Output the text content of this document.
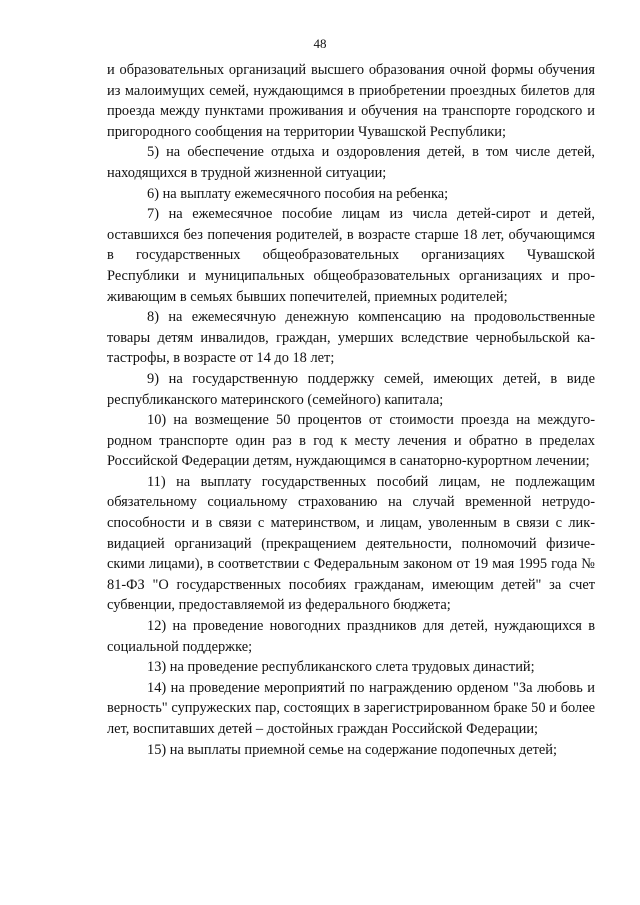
48

и образовательных организаций высшего образования очной формы обучения из малоимущих семей, нуждающимся в приобретении проездных билетов для проезда между пунктами проживания и обучения на транспорте городского и пригородного сообщения на территории Чувашской Республики;

5) на обеспечение отдыха и оздоровления детей, в том числе детей, находящихся в трудной жизненной ситуации;

6) на выплату ежемесячного пособия на ребенка;

7) на ежемесячное пособие лицам из числа детей-сирот и детей, оставшихся без попечения родителей, в возрасте старше 18 лет, обучающимся в государственных общеобразовательных организациях Чувашской Республики и муниципальных общеобразовательных организациях и проживающим в семьях бывших попечителей, приемных родителей;

8) на ежемесячную денежную компенсацию на продовольственные товары детям инвалидов, граждан, умерших вследствие чернобыльской катастрофы, в возрасте от 14 до 18 лет;

9) на государственную поддержку семей, имеющих детей, в виде республиканского материнского (семейного) капитала;

10) на возмещение 50 процентов от стоимости проезда на междугородном транспорте один раз в год к месту лечения и обратно в пределах Российской Федерации детям, нуждающимся в санаторно-курортном лечении;

11) на выплату государственных пособий лицам, не подлежащим обязательному социальному страхованию на случай временной нетрудоспособности и в связи с материнством, и лицам, уволенным в связи с ликвидацией организаций (прекращением деятельности, полномочий физическими лицами), в соответствии с Федеральным законом от 19 мая 1995 года № 81-ФЗ "О государственных пособиях гражданам, имеющим детей" за счет субвенции, предоставляемой из федерального бюджета;

12) на проведение новогодних праздников для детей, нуждающихся в социальной поддержке;

13) на проведение республиканского слета трудовых династий;

14) на проведение мероприятий по награждению орденом "За любовь и верность" супружеских пар, состоящих в зарегистрированном браке 50 и более лет, воспитавших детей – достойных граждан Российской Федерации;

15) на выплаты приемной семье на содержание подопечных детей;
